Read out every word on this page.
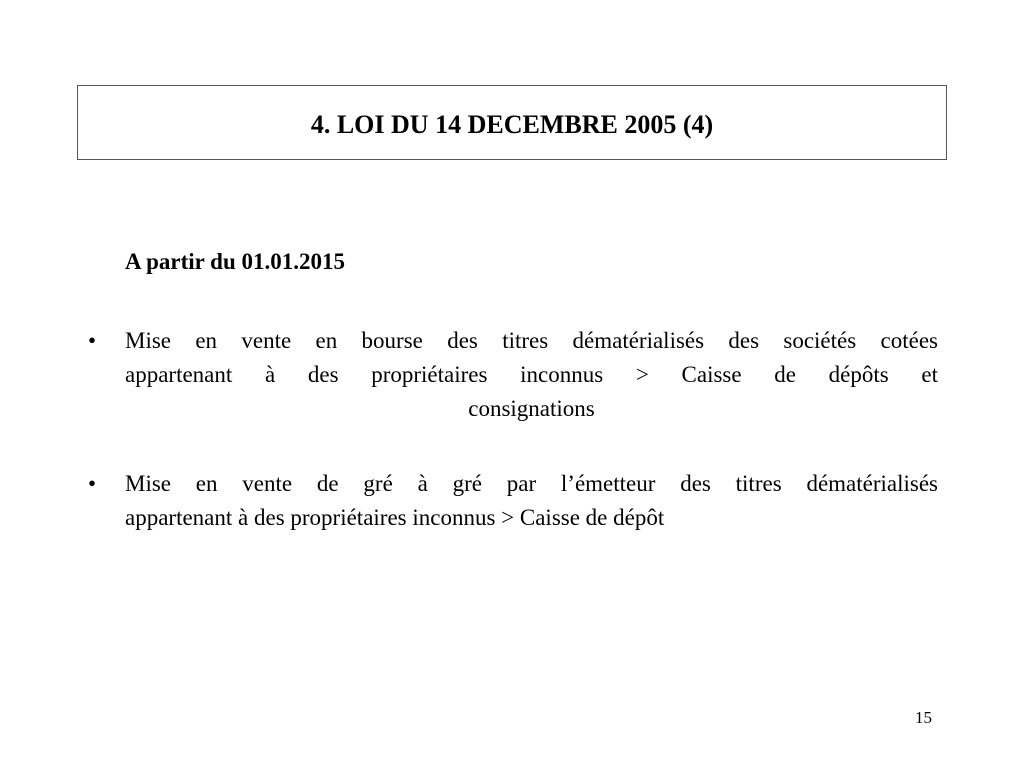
4. LOI DU 14 DECEMBRE 2005 (4)
A partir du 01.01.2015
• Mise en vente en bourse des titres dématérialisés des sociétés cotées
appartenant à des propriétaires inconnus > Caisse de dépôts et
consignations
• Mise en vente de gré à gré par l’émetteur des titres dématérialisés
appartenant à des propriétaires inconnus > Caisse de dépôt
15
